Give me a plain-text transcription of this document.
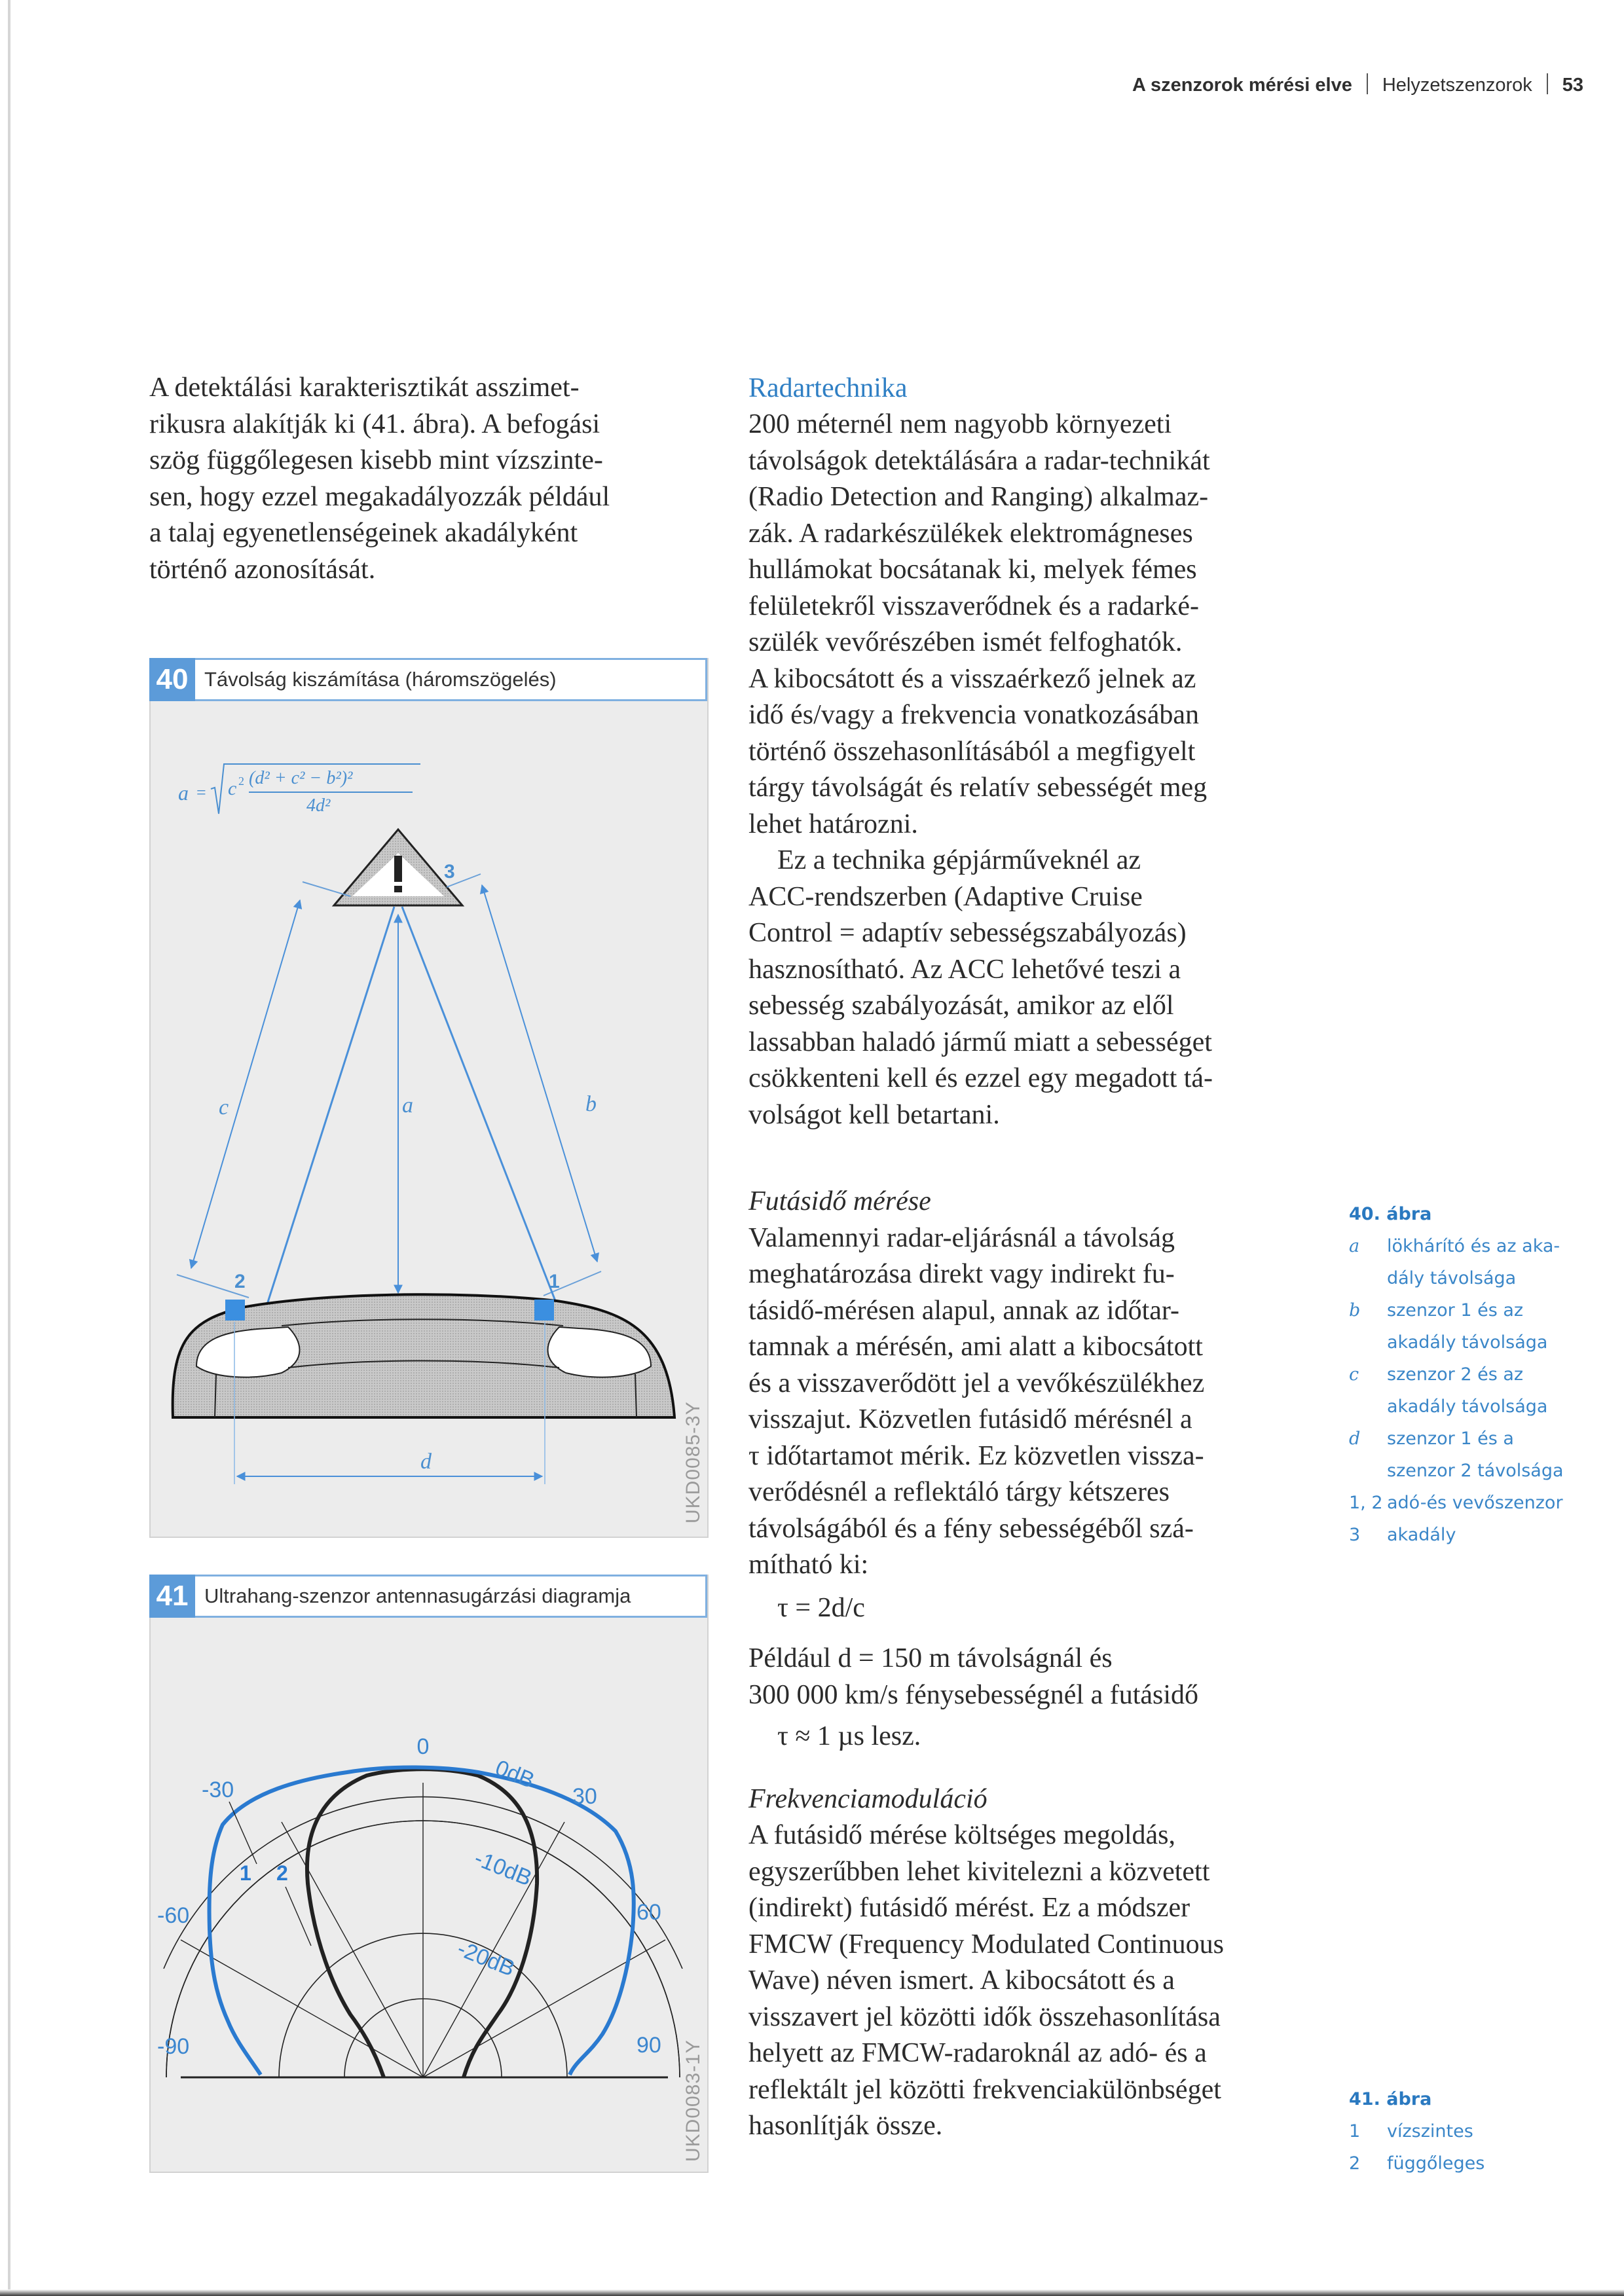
A szenzorok mérési elve Helyzetszenzorok 53

A detektálási karakterisztikát asszimet-

rikusra alakítják ki (41. ábra). A befogási

szög függőlegesen kisebb mint vízszinte-

sen, hogy ezzel megakadályozzák például

a talaj egyenetlenségeinek akadályként

történő azonosítását.

a = c 2 (d² + c² − b²)²
4d²
3
c	a	b
d
2	1
40 Távolság kiszámítása (háromszögelés)
UKD0085-3Y
0
-30	30
-60	60
-90	90
0dB
-10dB
-20dB
1 2
41 Ultrahang-szenzor antennasugárzási diagramja
UKD0083-1Y

Radartechnika

200 méternél nem nagyobb környezeti

távolságok detektálására a radar-technikát

(Radio Detection and Ranging) alkalmaz-

zák. A radarkészülékek elektromágneses

hullámokat bocsátanak ki, melyek fémes

felületekről visszaverődnek és a radarké-

szülék vevőrészében ismét felfoghatók.

A kibocsátott és a visszaérkező jelnek az

idő és/vagy a frekvencia vonatkozásában

történő összehasonlításából a megfigyelt

tárgy távolságát és relatív sebességét meg

lehet határozni.

Ez a technika gépjárműveknél az

ACC-rendszerben (Adaptive Cruise

Control = adaptív sebességszabályozás)

hasznosítható. Az ACC lehetővé teszi a

sebesség szabályozását, amikor az elől

lassabban haladó jármű miatt a sebességet

csökkenteni kell és ezzel egy megadott tá-

volságot kell betartani.

Futásidő mérése

Valamennyi radar-eljárásnál a távolság

meghatározása direkt vagy indirekt fu-

tásidő-mérésen alapul, annak az időtar-

tamnak a mérésén, ami alatt a kibocsátott

és a visszaverődött jel a vevőkészülékhez

visszajut. Közvetlen futásidő mérésnél a

τ időtartamot mérik. Ez közvetlen vissza-

verődésnél a reflektáló tárgy kétszeres

távolságából és a fény sebességéből szá-

mítható ki:

τ = 2d/c

Például d = 150 m távolságnál és

300 000 km/s fénysebességnél a futásidő

τ ≈ 1 µs lesz.

Frekvenciamoduláció

A futásidő mérése költséges megoldás,

egyszerűbben lehet kivitelezni a közvetett

(indirekt) futásidő mérést. Ez a módszer

FMCW (Frequency Modulated Continuous

Wave) néven ismert. A kibocsátott és a

visszavert jel közötti idők összehasonlítása

helyett az FMCW-radaroknál az adó- és a

reflektált jel közötti frekvenciakülönbséget

hasonlítják össze.

40. ábra
a	lökhárító és az aka-
dály távolsága
b	szenzor 1 és az
akadály távolsága
c	szenzor 2 és az
akadály távolsága
d	szenzor 1 és a
szenzor 2 távolsága
1, 2 adó-és vevőszenzor
3	akadály
41. ábra
1	vízszintes
2	függőleges
